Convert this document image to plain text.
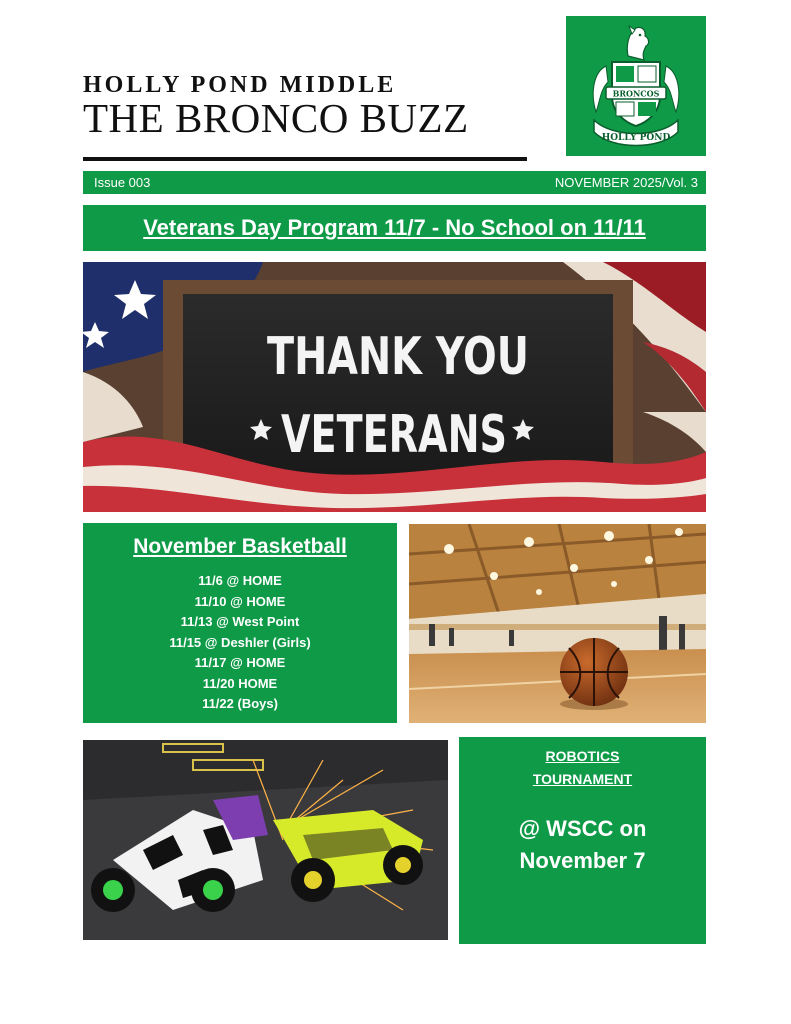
HOLLY POND MIDDLE
THE BRONCO BUZZ
BRONCOS
HOLLY POND
Issue 003	NOVEMBER 2025/Vol. 3
Veterans Day Program 11/7 - No School on 11/11
THANK YOU
VETERANS
November Basketball
11/6 @ HOME
11/10 @ HOME
11/13 @ West Point
11/15 @ Deshler (Girls)
11/17 @ HOME
11/20 HOME
11/22 (Boys)
ROBOTICS
TOURNAMENT
@ WSCC on
November 7
